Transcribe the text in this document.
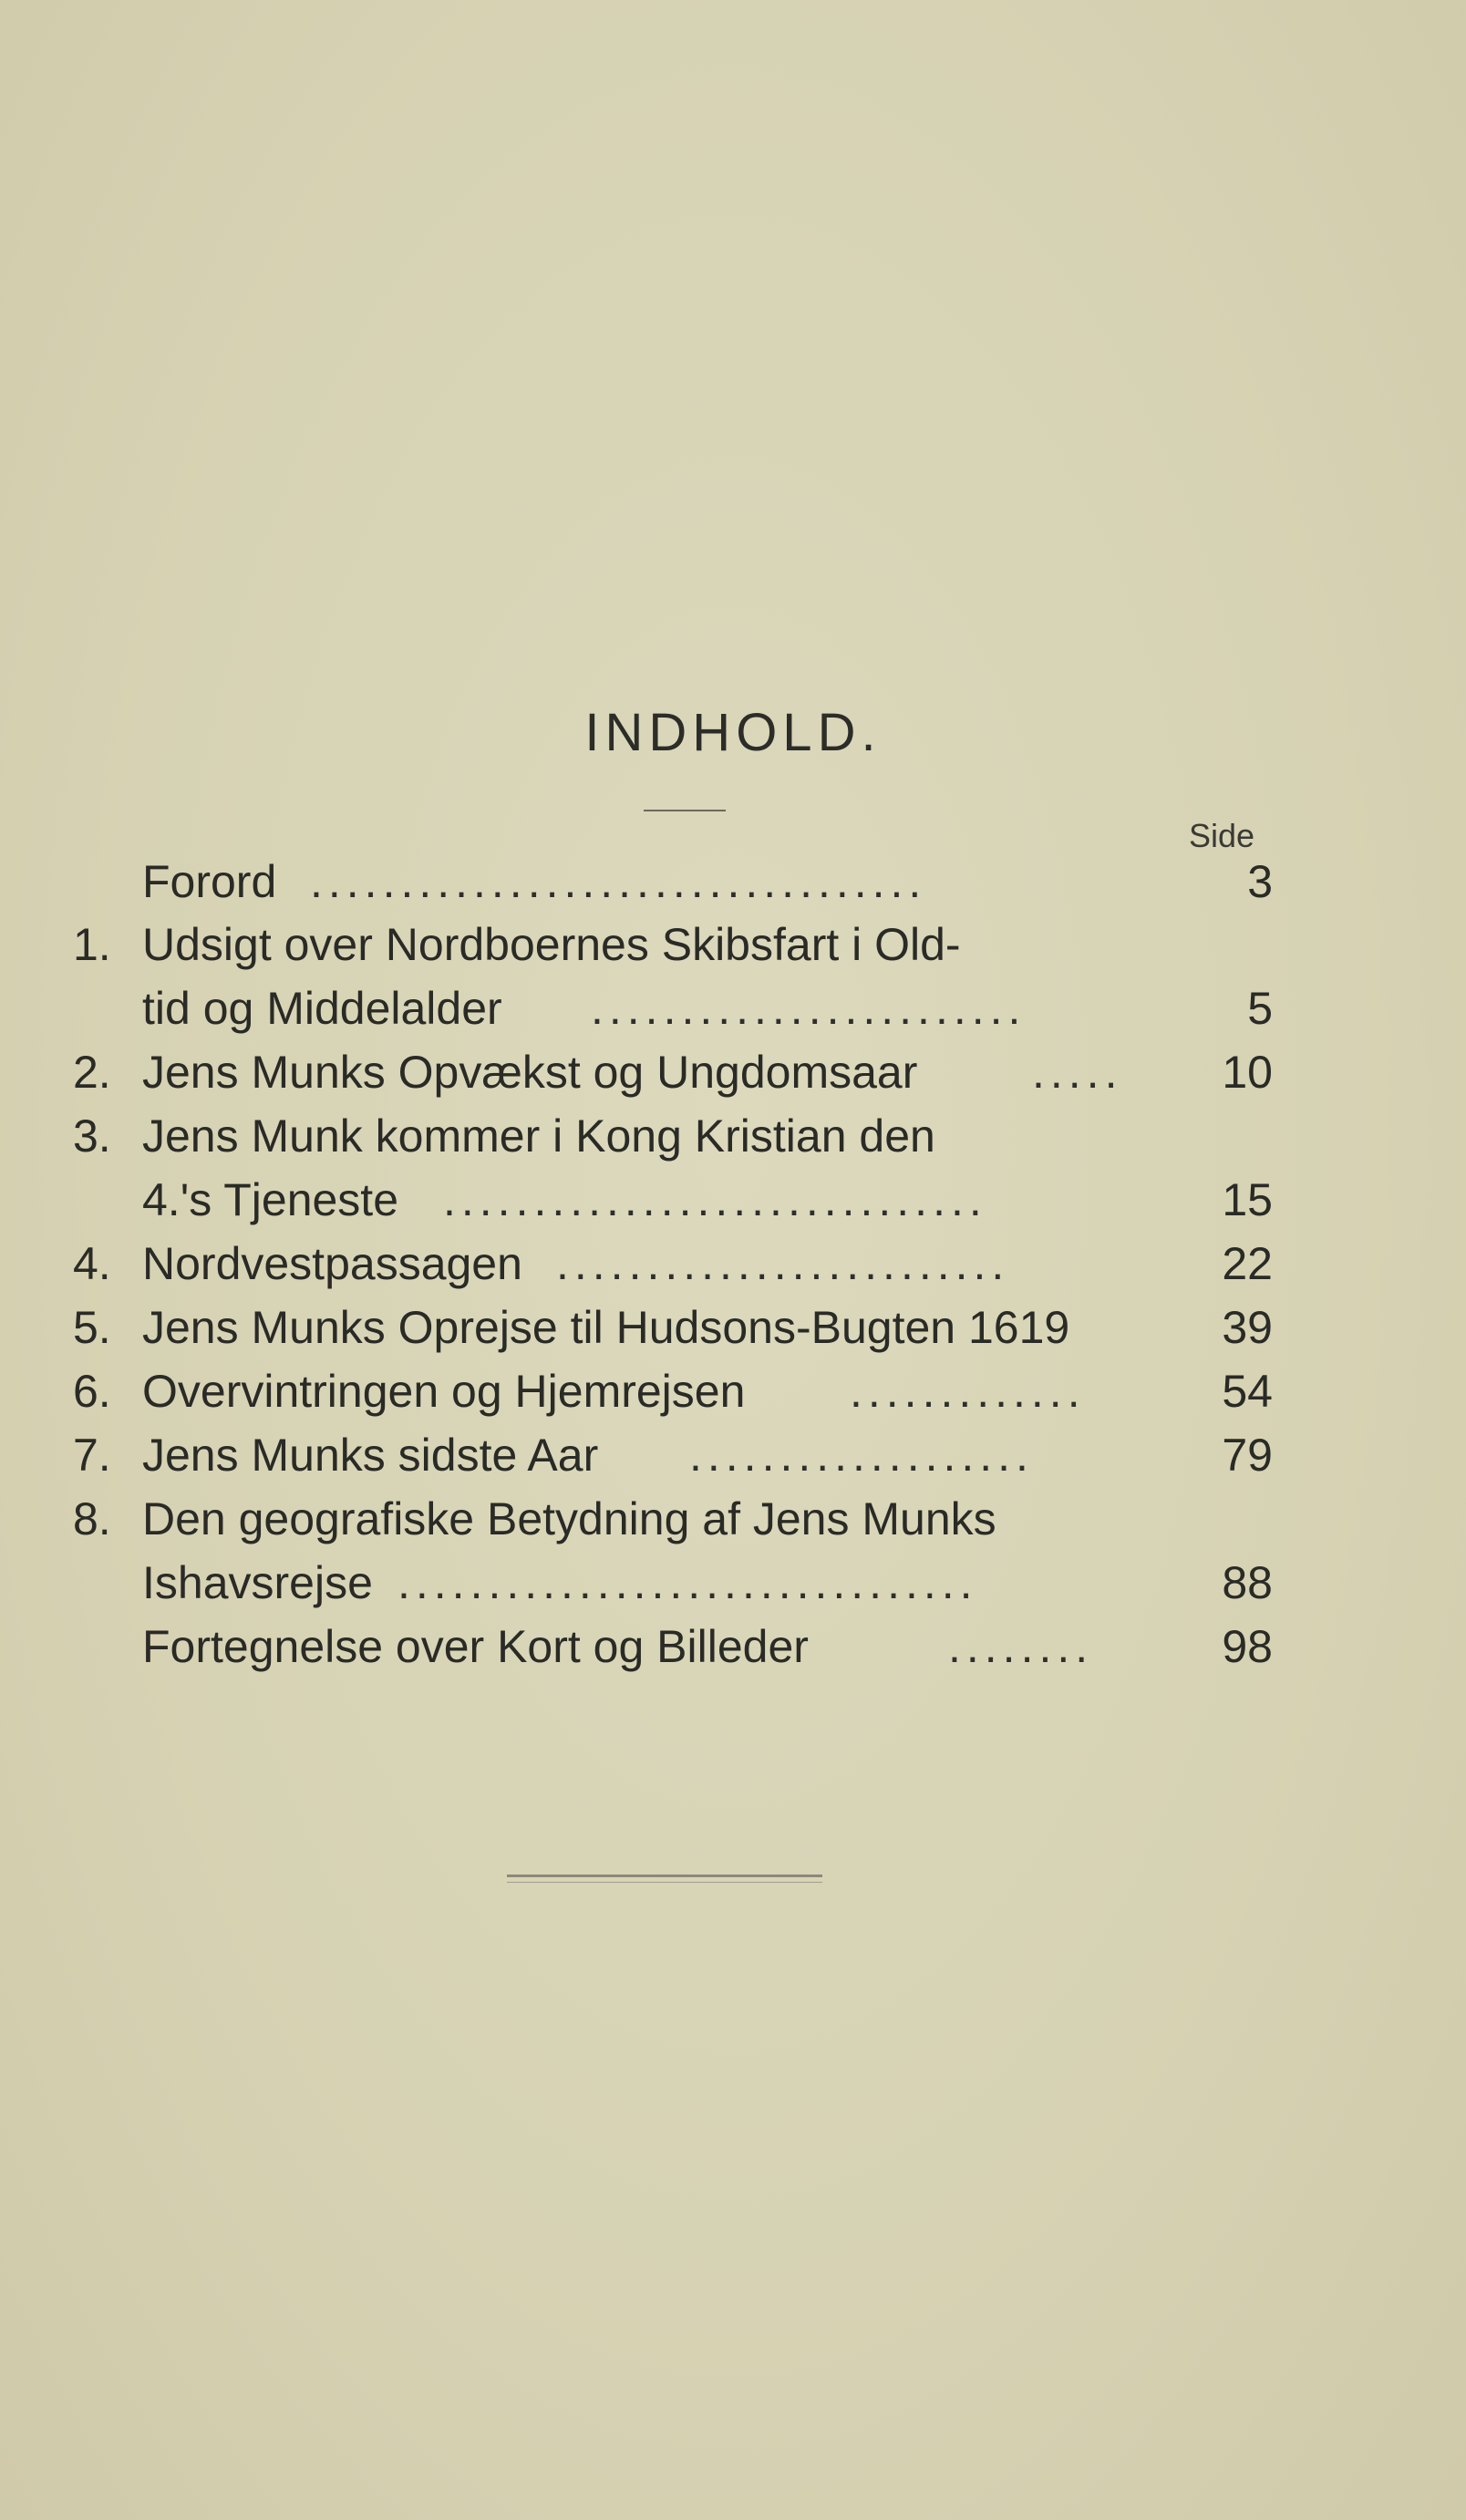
INDHOLD.
Side
Forord ..................................	3
1. Udsigt over Nordboernes Skibsfart i Old-
tid og Middelalder ........................	5
2. Jens Munks Opvækst og Ungdomsaar	.....	10
3. Jens Munk kommer i Kong Kristian den
4.'s Tjeneste ..............................	15
4. Nordvestpassagen .........................	22
5. Jens Munks Oprejse til Hudsons-Bugten 1619	39
6. Overvintringen og Hjemrejsen .............	54
7. Jens Munks sidste Aar ...................	79
8. Den geografiske Betydning af Jens Munks
Ishavsrejse ................................	88
Fortegnelse over Kort og Billeder	........	98
